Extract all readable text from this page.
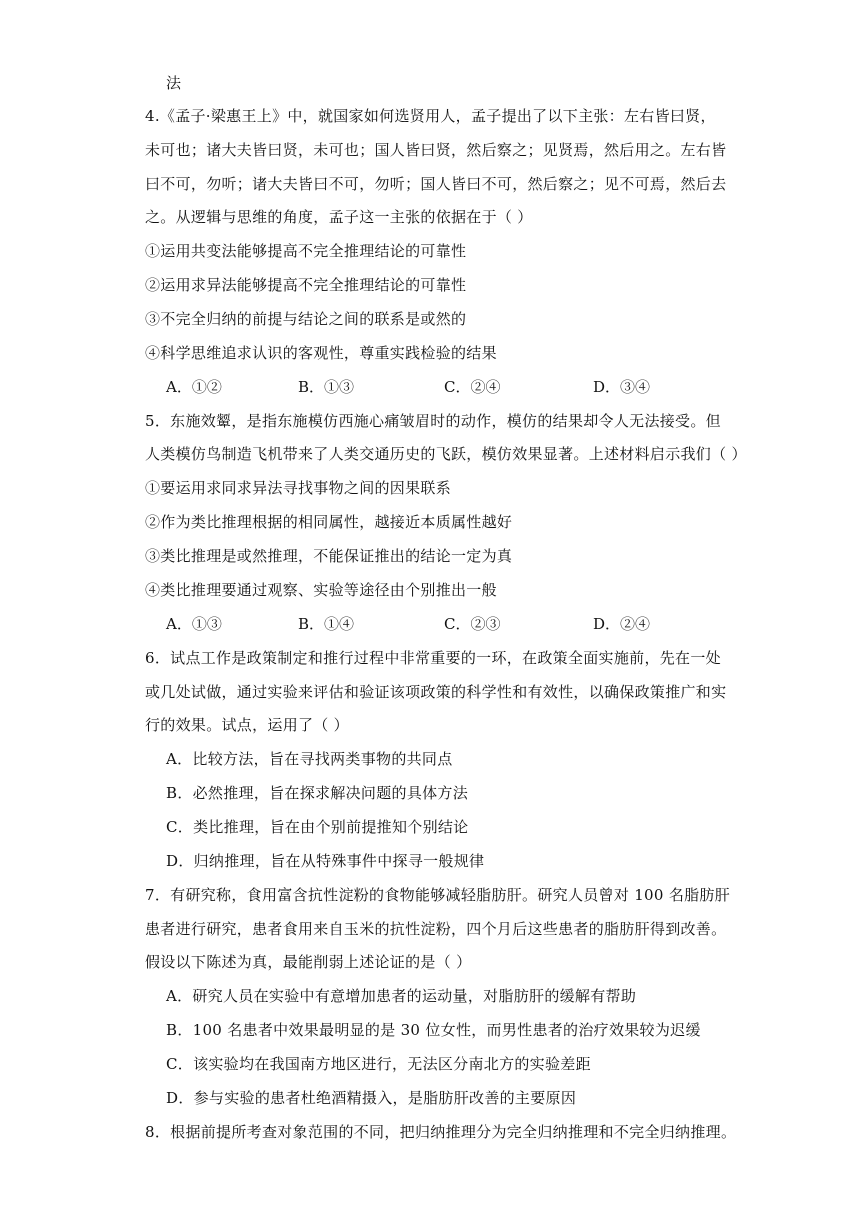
法
4.《孟子·梁惠王上》中，就国家如何选贤用人，孟子提出了以下主张：左右皆曰贤，
未可也；诸大夫皆曰贤，未可也；国人皆曰贤，然后察之；见贤焉，然后用之。左右皆
曰不可，勿听；诸大夫皆曰不可，勿听；国人皆曰不可，然后察之；见不可焉，然后去
之。从逻辑与思维的角度，孟子这一主张的依据在于（ ）
①运用共变法能够提高不完全推理结论的可靠性
②运用求异法能够提高不完全推理结论的可靠性
③不完全归纳的前提与结论之间的联系是或然的
④科学思维追求认识的客观性，尊重实践检验的结果
A．①②	B．①③	C．②④	D．③④
5．东施效颦，是指东施模仿西施心痛皱眉时的动作，模仿的结果却令人无法接受。但
人类模仿鸟制造飞机带来了人类交通历史的飞跃，模仿效果显著。上述材料启示我们（ ）
①要运用求同求异法寻找事物之间的因果联系
②作为类比推理根据的相同属性，越接近本质属性越好
③类比推理是或然推理，不能保证推出的结论一定为真
④类比推理要通过观察、实验等途径由个别推出一般
A．①③	B．①④	C．②③	D．②④
6．试点工作是政策制定和推行过程中非常重要的一环，在政策全面实施前，先在一处
或几处试做，通过实验来评估和验证该项政策的科学性和有效性，以确保政策推广和实
行的效果。试点，运用了（ ）
A．比较方法，旨在寻找两类事物的共同点
B．必然推理，旨在探求解决问题的具体方法
C．类比推理，旨在由个别前提推知个别结论
D．归纳推理，旨在从特殊事件中探寻一般规律
7．有研究称，食用富含抗性淀粉的食物能够减轻脂肪肝。研究人员曾对 100 名脂肪肝
患者进行研究，患者食用来自玉米的抗性淀粉，四个月后这些患者的脂肪肝得到改善。
假设以下陈述为真，最能削弱上述论证的是（ ）
A．研究人员在实验中有意增加患者的运动量，对脂肪肝的缓解有帮助
B．100 名患者中效果最明显的是 30 位女性，而男性患者的治疗效果较为迟缓
C．该实验均在我国南方地区进行，无法区分南北方的实验差距
D．参与实验的患者杜绝酒精摄入，是脂肪肝改善的主要原因
8．根据前提所考查对象范围的不同，把归纳推理分为完全归纳推理和不完全归纳推理。
